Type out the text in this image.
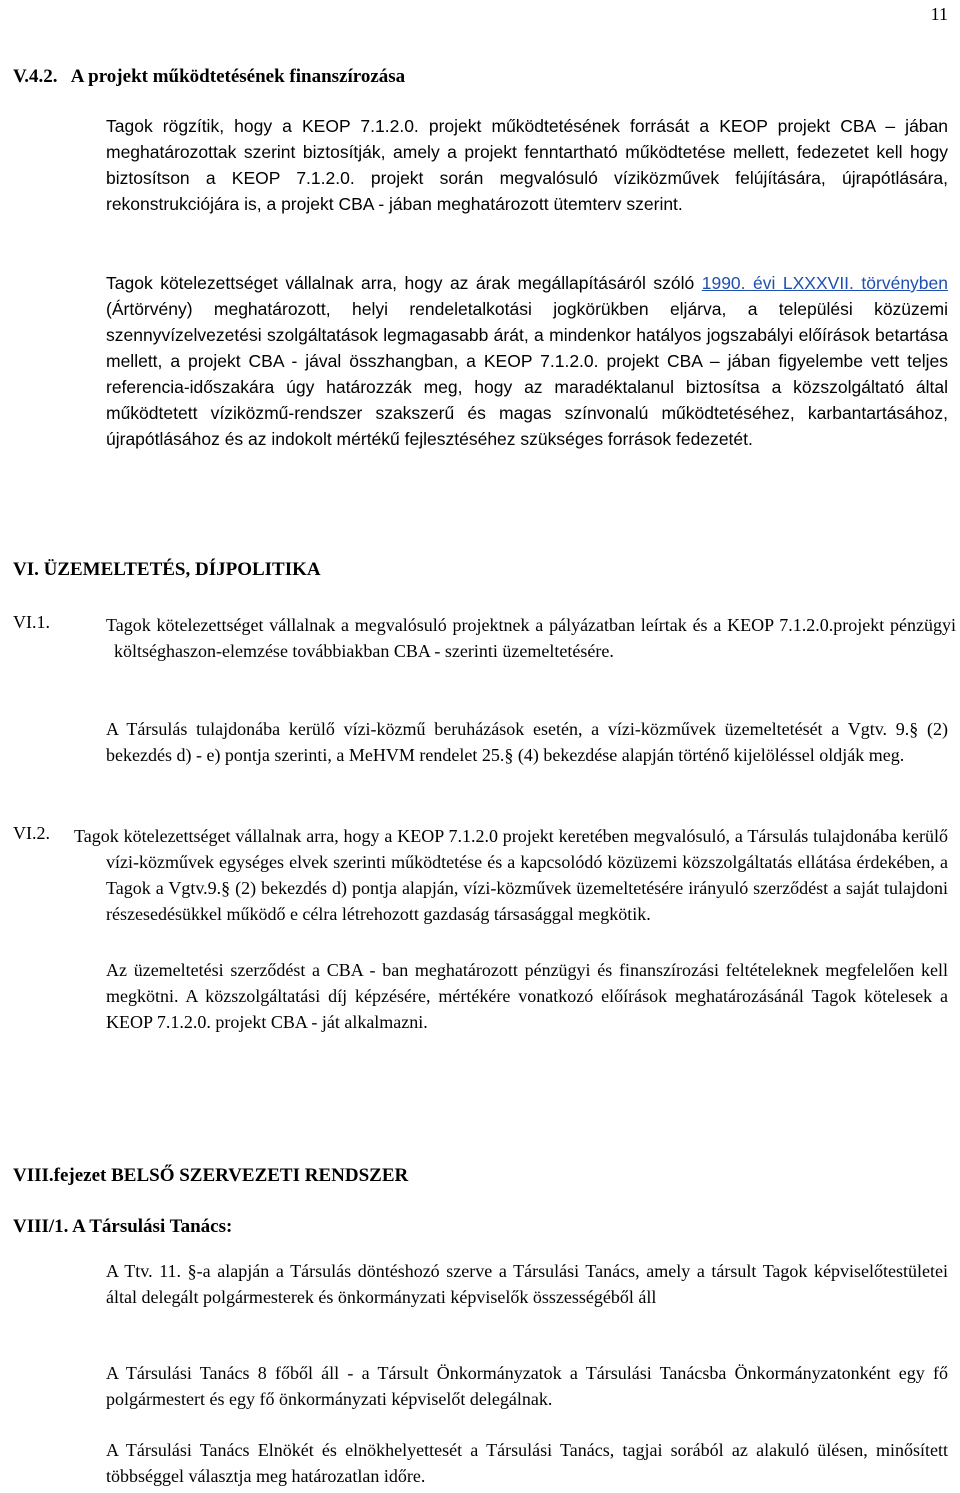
11
V.4.2.   A projekt működtetésének finanszírozása

Tagok rögzítik, hogy a KEOP 7.1.2.0. projekt működtetésének forrását a KEOP projekt CBA – jában meghatározottak szerint biztosítják, amely a projekt fenntartható működtetése mellett, fedezetet kell hogy biztosítson a KEOP 7.1.2.0. projekt során megvalósuló víziközművek felújítására, újrapótlására, rekonstrukciójára is, a projekt CBA - jában meghatározott ütemterv szerint.

Tagok kötelezettséget vállalnak arra, hogy az árak megállapításáról szóló 1990. évi LXXXVII. törvényben (Ártörvény) meghatározott, helyi rendeletalkotási jogkörükben eljárva, a települési közüzemi szennyvízelvezetési szolgáltatások legmagasabb árát, a mindenkor hatályos jogszabályi előírások betartása mellett, a projekt CBA - jával összhangban, a KEOP 7.1.2.0. projekt CBA – jában figyelembe vett teljes referencia-időszakára úgy határozzák meg, hogy az maradéktalanul biztosítsa a közszolgáltató által működtetett víziközmű-rendszer szakszerű és magas színvonalú működtetéséhez, karbantartásához, újrapótlásához és az indokolt mértékű fejlesztéséhez szükséges források fedezetét.

VI. ÜZEMELTETÉS, DÍJPOLITIKA
VI.1.	Tagok kötelezettséget vállalnak a megvalósuló projektnek a pályázatban leírtak és a KEOP 7.1.2.0.projekt pénzügyi költséghaszon-elemzése továbbiakban CBA - szerinti üzemeltetésére.

A Társulás tulajdonába kerülő vízi-közmű beruházások esetén, a vízi-közművek üzemeltetését a Vgtv. 9.§ (2) bekezdés d) - e) pontja szerinti, a MeHVM rendelet 25.§ (4) bekezdése alapján történő kijelöléssel oldják meg.

VI.2. Tagok kötelezettséget vállalnak arra, hogy a KEOP 7.1.2.0 projekt keretében megvalósuló, a Társulás tulajdonába kerülő vízi-közművek egységes elvek szerinti működtetése és a kapcsolódó közüzemi közszolgáltatás ellátása érdekében, a Tagok a Vgtv.9.§ (2) bekezdés d) pontja alapján, vízi-közművek üzemeltetésére irányuló szerződést a saját tulajdoni részesedésükkel működő e célra létrehozott gazdaság társasággal megkötik.

Az üzemeltetési szerződést a CBA - ban meghatározott pénzügyi és finanszírozási feltételeknek megfelelően kell megkötni. A közszolgáltatási díj képzésére, mértékére vonatkozó előírások meghatározásánál Tagok kötelesek a KEOP 7.1.2.0. projekt CBA - ját alkalmazni.

VIII.fejezet BELSŐ SZERVEZETI RENDSZER
VIII/1. A Társulási Tanács:

A Ttv. 11. §-a alapján a Társulás döntéshozó szerve a Társulási Tanács, amely a társult Tagok képviselőtestületei által delegált polgármesterek és önkormányzati képviselők összességéből áll

A Társulási Tanács 8 főből áll - a Társult Önkormányzatok a Társulási Tanácsba Önkormányzatonként egy fő polgármestert és egy fő önkormányzati képviselőt delegálnak.

A Társulási Tanács Elnökét és elnökhelyettesét a Társulási Tanács, tagjai sorából az alakuló ülésen, minősített többséggel választja meg határozatlan időre.
